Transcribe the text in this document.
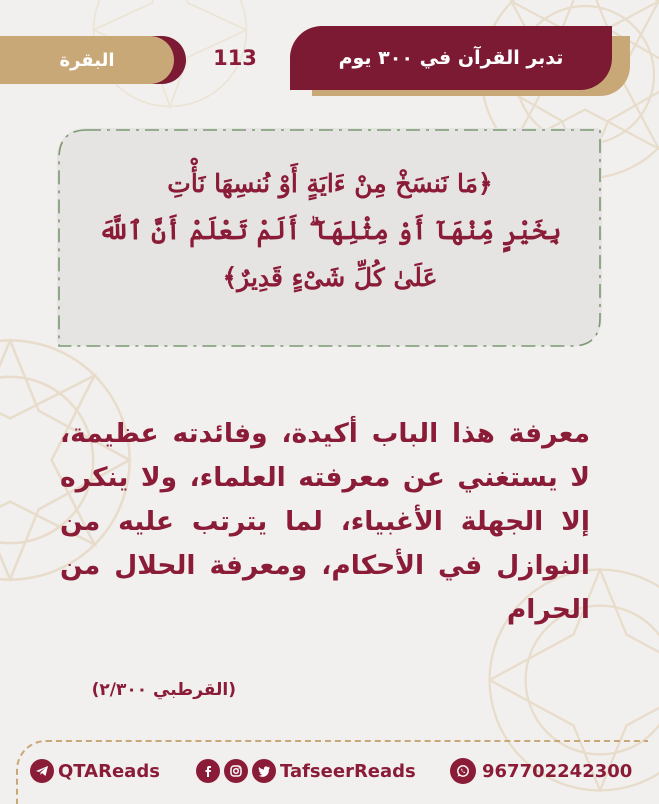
تدبر القرآن في ٣٠٠ يوم
113
البقرة
﴿مَا نَنسَخْ مِنْ ءَايَةٍ أَوْ نُنسِهَا نَأْتِ
بِخَيْرٍ مِّنْهَآ أَوْ مِثْلِهَآ ۗ أَلَمْ تَعْلَمْ أَنَّ ٱللَّهَ
عَلَىٰ كُلِّ شَىْءٍ قَدِيرٌ﴾
معرفة هذا الباب أكيدة، وفائدته عظيمة، لا يستغني عن معرفته العلماء، ولا ينكره إلا الجهلة الأغبياء، لما يترتب عليه من النوازل في الأحكام، ومعرفة الحلال من الحرام
(القرطبي ٢/٣٠٠)
QTAReads	TafseerReads	967702242300
